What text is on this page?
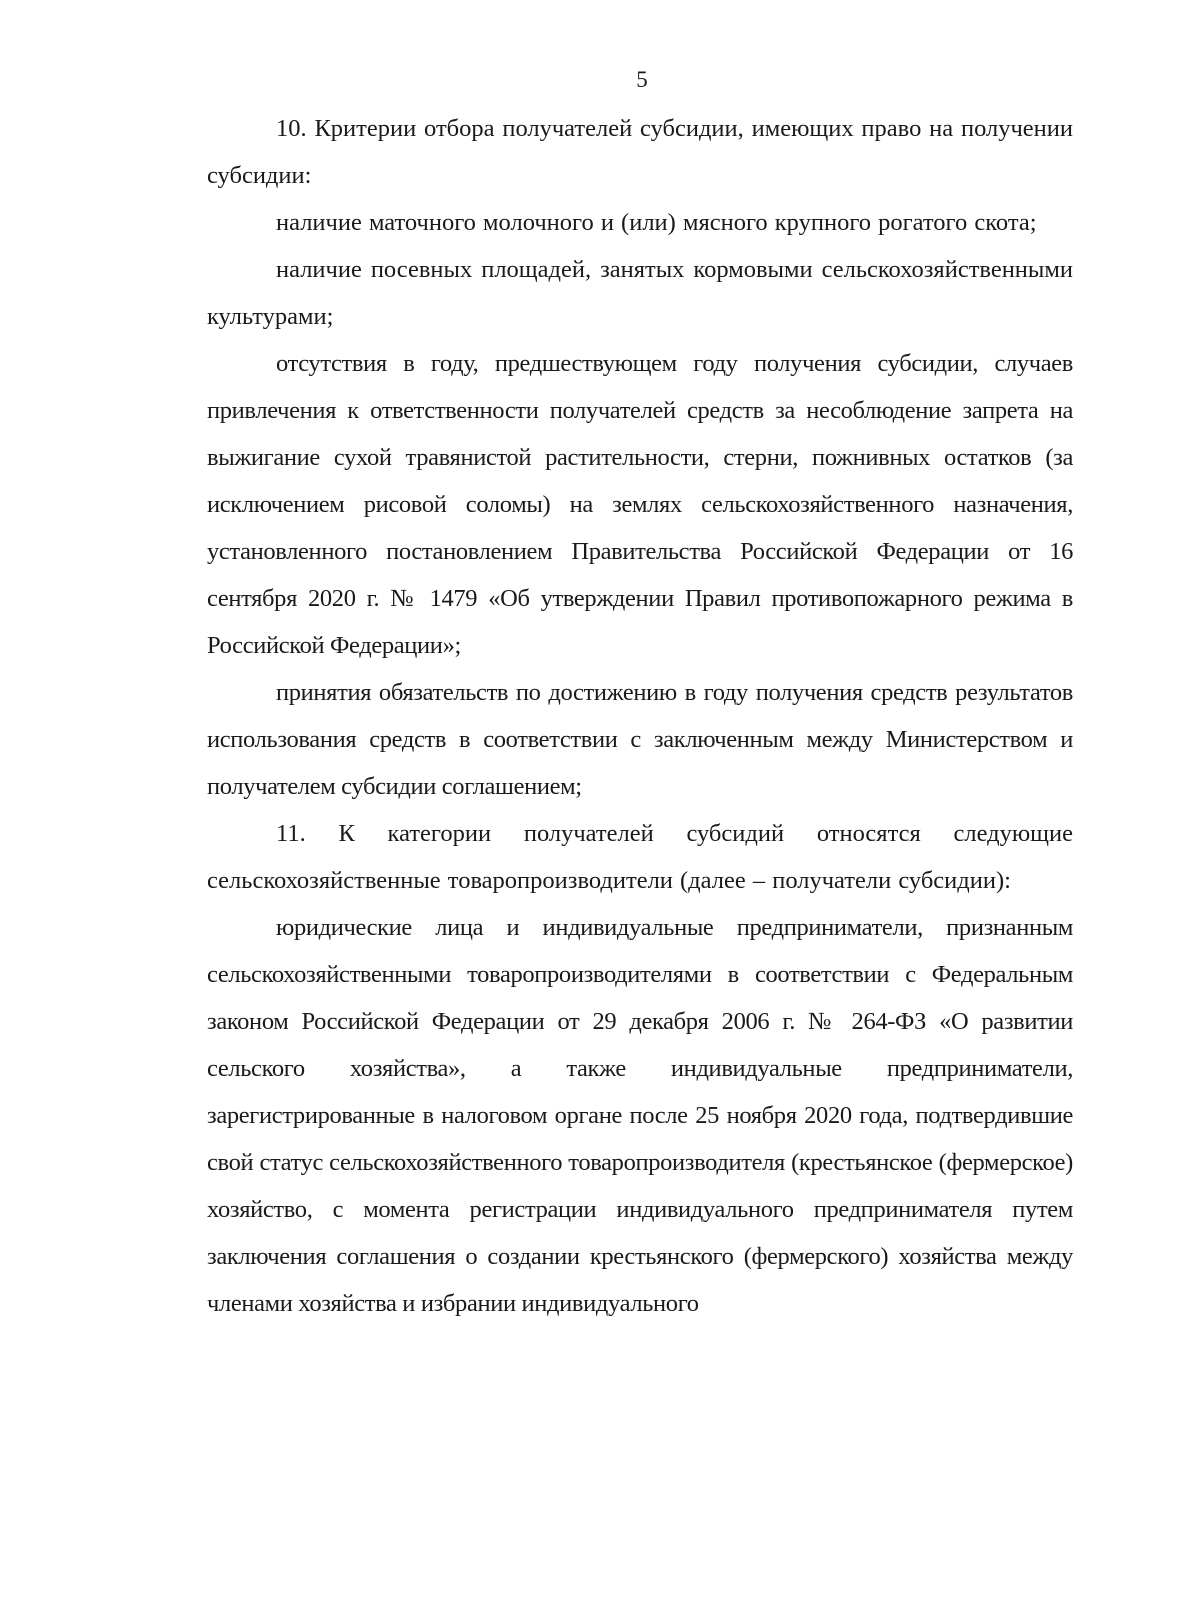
5

10. Критерии отбора получателей субсидии, имеющих право на получении субсидии:

наличие маточного молочного и (или) мясного крупного рогатого скота;

наличие посевных площадей, занятых кормовыми сельскохозяйственными культурами;

отсутствия в году, предшествующем году получения субсидии, случаев привлечения к ответственности получателей средств за несоблюдение запрета на выжигание сухой травянистой растительности, стерни, пожнивных остатков (за исключением рисовой соломы) на землях сельскохозяйственного назначения, установленного постановлением Правительства Российской Федерации от 16 сентября 2020 г. № 1479 «Об утверждении Правил противопожарного режима в Российской Федерации»;

принятия обязательств по достижению в году получения средств результатов использования средств в соответствии с заключенным между Министерством и получателем субсидии соглашением;

11. К категории получателей субсидий относятся следующие сельскохозяйственные товаропроизводители (далее – получатели субсидии):

юридические лица и индивидуальные предприниматели, признанным сельскохозяйственными товаропроизводителями в соответствии с Федеральным законом Российской Федерации от 29 декабря 2006 г. № 264-ФЗ «О развитии сельского хозяйства», а также индивидуальные предприниматели, зарегистрированные в налоговом органе после 25 ноября 2020 года, подтвердившие свой статус сельскохозяйственного товаропроизводителя (крестьянское (фермерское) хозяйство, с момента регистрации индивидуального предпринимателя путем заключения соглашения о создании крестьянского (фермерского) хозяйства между членами хозяйства и избрании индивидуального
